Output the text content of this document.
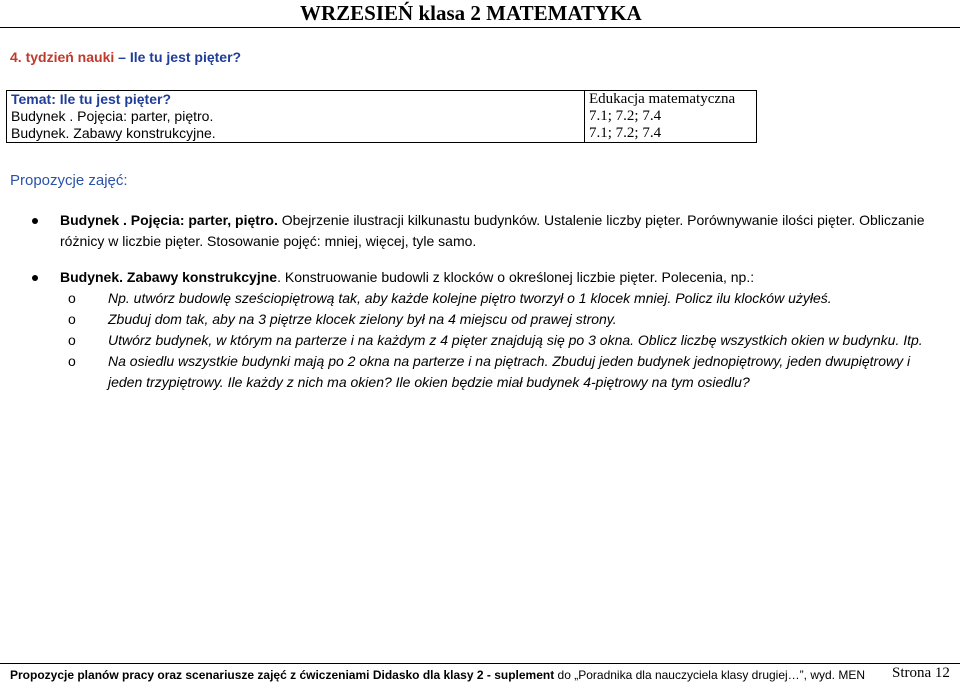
WRZESIEŃ klasa 2 MATEMATYKA
4. tydzień nauki – Ile tu jest pięter?
Temat: Ile tu jest pięter?	Edukacja matematyczna
Budynek . Pojęcia: parter, piętro.	7.1; 7.2; 7.4
Budynek. Zabawy konstrukcyjne.	7.1; 7.2; 7.4
Propozycje zajęć:
Budynek . Pojęcia: parter, piętro. Obejrzenie ilustracji kilkunastu budynków. Ustalenie liczby pięter. Porównywanie ilości pięter. Obliczanie różnicy w liczbie pięter. Stosowanie pojęć: mniej, więcej, tyle samo.
Budynek. Zabawy konstrukcyjne. Konstruowanie budowli z klocków o określonej liczbie pięter. Polecenia, np.:
o Np. utwórz budowlę sześciopiętrową tak, aby każde kolejne piętro tworzył o 1 klocek mniej. Policz ilu klocków użyłeś.
o Zbuduj dom tak, aby na 3 piętrze klocek zielony był na 4 miejscu od prawej strony.
o Utwórz budynek, w którym na parterze i na każdym z 4 pięter znajdują się po 3 okna. Oblicz liczbę wszystkich okien w budynku. Itp.
o Na osiedlu wszystkie budynki mają po 2 okna na parterze i na piętrach. Zbuduj jeden budynek jednopiętrowy, jeden dwupiętrowy i jeden trzypiętrowy. Ile każdy z nich ma okien? Ile okien będzie miał budynek 4-piętrowy na tym osiedlu?
Propozycje planów pracy oraz scenariusze zajęć z ćwiczeniami Didasko dla klasy 2 - suplement do „Poradnika dla nauczyciela klasy drugiej…”, wyd. MEN Strona 12
